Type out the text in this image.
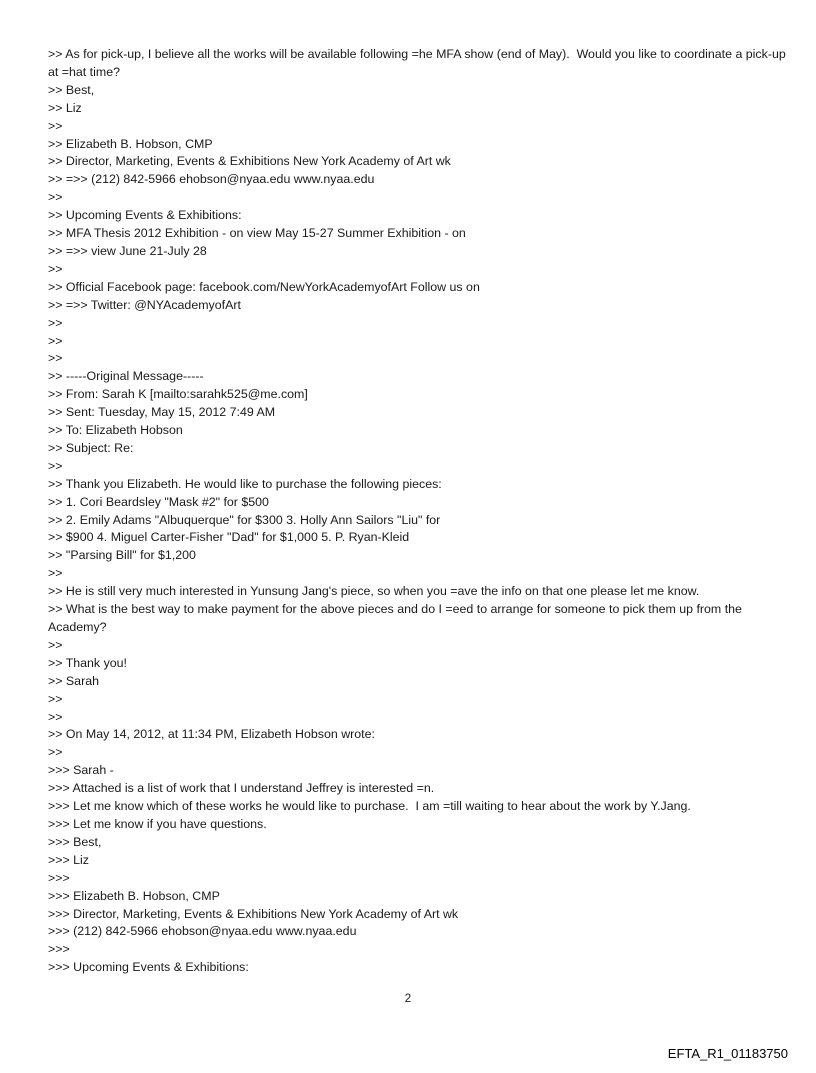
>> As for pick-up, I believe all the works will be available following =he MFA show (end of May).  Would you like to coordinate a pick-up at =hat time?
>> Best,
>> Liz
>>
>> Elizabeth B. Hobson, CMP
>> Director, Marketing, Events & Exhibitions New York Academy of Art wk
>> =>> (212) 842-5966 ehobson@nyaa.edu www.nyaa.edu
>>
>> Upcoming Events & Exhibitions:
>> MFA Thesis 2012 Exhibition - on view May 15-27 Summer Exhibition - on
>> =>> view June 21-July 28
>>
>> Official Facebook page: facebook.com/NewYorkAcademyofArt Follow us on
>> =>> Twitter: @NYAcademyofArt
>>
>>
>>
>> -----Original Message-----
>> From: Sarah K [mailto:sarahk525@me.com]
>> Sent: Tuesday, May 15, 2012 7:49 AM
>> To: Elizabeth Hobson
>> Subject: Re:
>>
>> Thank you Elizabeth. He would like to purchase the following pieces:
>> 1. Cori Beardsley "Mask #2" for $500
>> 2. Emily Adams "Albuquerque" for $300 3. Holly Ann Sailors "Liu" for
>> $900 4. Miguel Carter-Fisher "Dad" for $1,000 5. P. Ryan-Kleid
>> "Parsing Bill" for $1,200
>>
>> He is still very much interested in Yunsung Jang's piece, so when you =ave the info on that one please let me know.
>> What is the best way to make payment for the above pieces and do I =eed to arrange for someone to pick them up from the Academy?
>>
>> Thank you!
>> Sarah
>>
>>
>> On May 14, 2012, at 11:34 PM, Elizabeth Hobson wrote:
>>
>>> Sarah -
>>> Attached is a list of work that I understand Jeffrey is interested =n.
>>> Let me know which of these works he would like to purchase.  I am =till waiting to hear about the work by Y.Jang.
>>> Let me know if you have questions.
>>> Best,
>>> Liz
>>>
>>> Elizabeth B. Hobson, CMP
>>> Director, Marketing, Events & Exhibitions New York Academy of Art wk
>>> (212) 842-5966 ehobson@nyaa.edu www.nyaa.edu
>>>
>>> Upcoming Events & Exhibitions:
2
EFTA_R1_01183750
